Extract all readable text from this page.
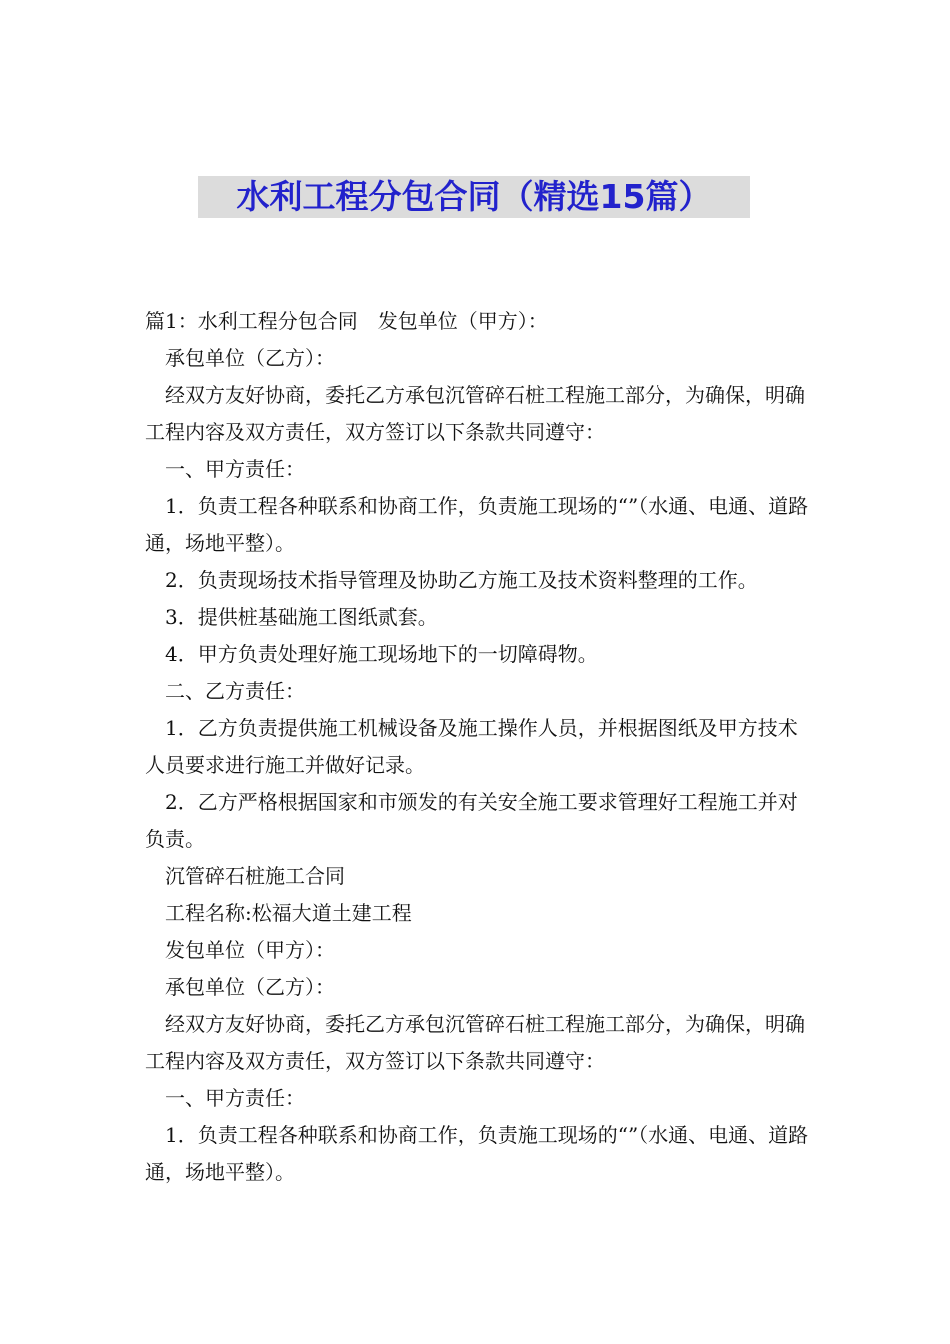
水利工程分包合同（精选15篇）

篇1：水利工程分包合同　发包单位（甲方）：

承包单位（乙方）：

经双方友好协商，委托乙方承包沉管碎石桩工程施工部分，为确保，明确工程内容及双方责任，双方签订以下条款共同遵守：

一、甲方责任：

1．负责工程各种联系和协商工作，负责施工现场的“”（水通、电通、道路通，场地平整）。

2．负责现场技术指导管理及协助乙方施工及技术资料整理的工作。

3．提供桩基础施工图纸贰套。

4．甲方负责处理好施工现场地下的一切障碍物。

二、乙方责任：

1．乙方负责提供施工机械设备及施工操作人员，并根据图纸及甲方技术人员要求进行施工并做好记录。

2．乙方严格根据国家和市颁发的有关安全施工要求管理好工程施工并对负责。

沉管碎石桩施工合同

工程名称:松福大道土建工程

发包单位（甲方）：

承包单位（乙方）：

经双方友好协商，委托乙方承包沉管碎石桩工程施工部分，为确保，明确工程内容及双方责任，双方签订以下条款共同遵守：

一、甲方责任：

1．负责工程各种联系和协商工作，负责施工现场的“”（水通、电通、道路通，场地平整）。
